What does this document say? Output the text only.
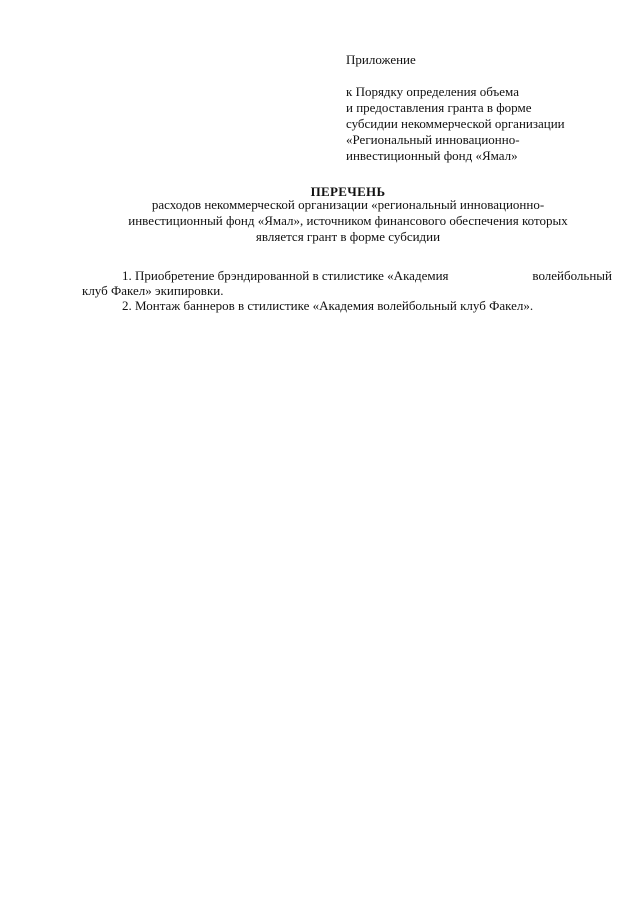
Приложение
к Порядку определения объема
и предоставления гранта в форме
субсидии некоммерческой организации
«Региональный инновационно-
инвестиционный фонд «Ямал»
ПЕРЕЧЕНЬ
расходов некоммерческой организации «региональный инновационно-
инвестиционный фонд «Ямал», источником финансового обеспечения которых
является грант в форме субсидии
1. Приобретение брэндированной в стилистике «Академия	волейбольный
клуб Факел» экипировки.
2. Монтаж баннеров в стилистике «Академия волейбольный клуб Факел».
